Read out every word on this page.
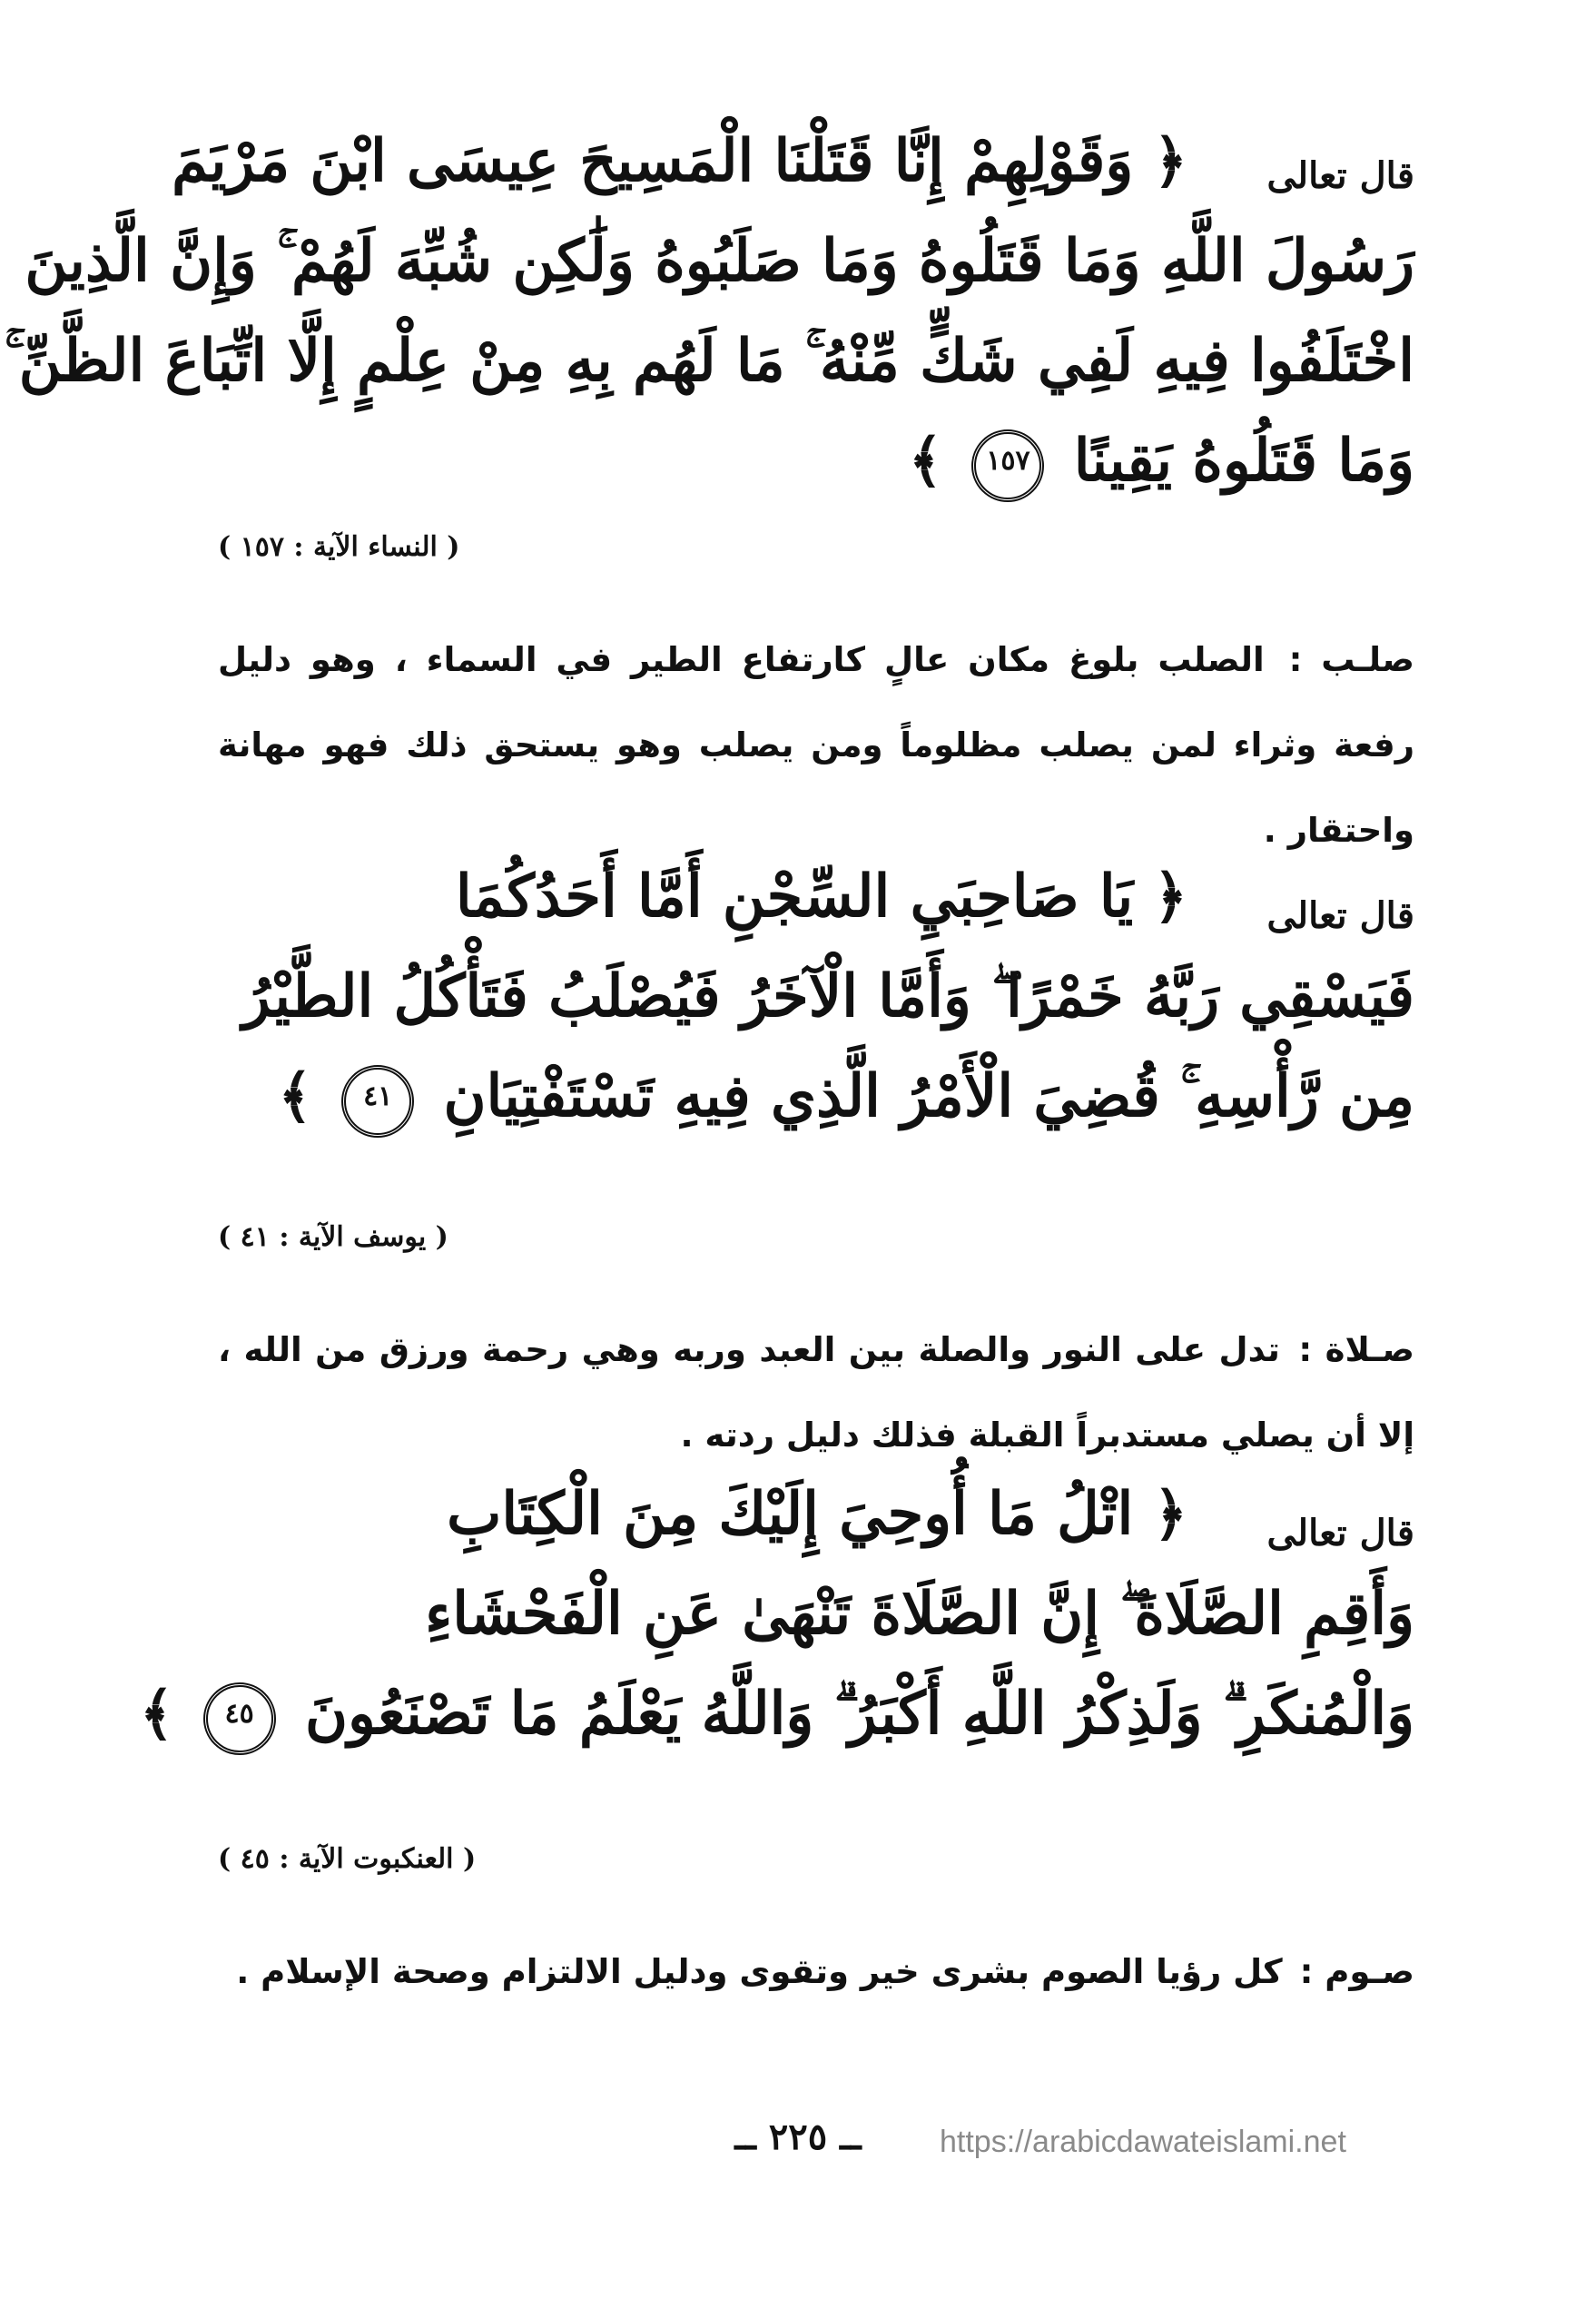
قال تعالى
﴿ وَقَوْلِهِمْ إِنَّا قَتَلْنَا الْمَسِيحَ عِيسَى ابْنَ مَرْيَمَ
رَسُولَ اللَّهِ وَمَا قَتَلُوهُ وَمَا صَلَبُوهُ وَلَٰكِن شُبِّهَ لَهُمْ ۚ وَإِنَّ الَّذِينَ
اخْتَلَفُوا فِيهِ لَفِي شَكٍّ مِّنْهُ ۚ مَا لَهُم بِهِ مِنْ عِلْمٍ إِلَّا اتِّبَاعَ الظَّنِّ ۚ
وَمَا قَتَلُوهُ يَقِينًا ١٥٧ ﴾
( النساء الآية : ١٥٧ )
صلـب : الصلب بلوغ مكان عالٍ كارتفاع الطير في السماء ، وهو دليل رفعة وثراء لمن يصلب مظلوماً ومن يصلب وهو يستحق ذلك فهو مهانة واحتقار .
قال تعالى
﴿ يَا صَاحِبَيِ السِّجْنِ أَمَّا أَحَدُكُمَا
فَيَسْقِي رَبَّهُ خَمْرًا ۖ وَأَمَّا الْآخَرُ فَيُصْلَبُ فَتَأْكُلُ الطَّيْرُ
مِن رَّأْسِهِ ۚ قُضِيَ الْأَمْرُ الَّذِي فِيهِ تَسْتَفْتِيَانِ ٤١ ﴾
( يوسف الآية : ٤١ )
صـلاة : تدل على النور والصلة بين العبد وربه وهي رحمة ورزق من الله ، إلا أن يصلي مستدبراً القبلة فذلك دليل ردته .
قال تعالى
﴿ اتْلُ مَا أُوحِيَ إِلَيْكَ مِنَ الْكِتَابِ
وَأَقِمِ الصَّلَاةَ ۖ إِنَّ الصَّلَاةَ تَنْهَىٰ عَنِ الْفَحْشَاءِ
وَالْمُنكَرِ ۗ وَلَذِكْرُ اللَّهِ أَكْبَرُ ۗ وَاللَّهُ يَعْلَمُ مَا تَصْنَعُونَ ٤٥ ﴾
( العنكبوت الآية : ٤٥ )
صـوم : كل رؤيا الصوم بشرى خير وتقوى ودليل الالتزام وصحة الإسلام .
ــ ٢٢٥ ــ	https://arabicdawateislami.net
